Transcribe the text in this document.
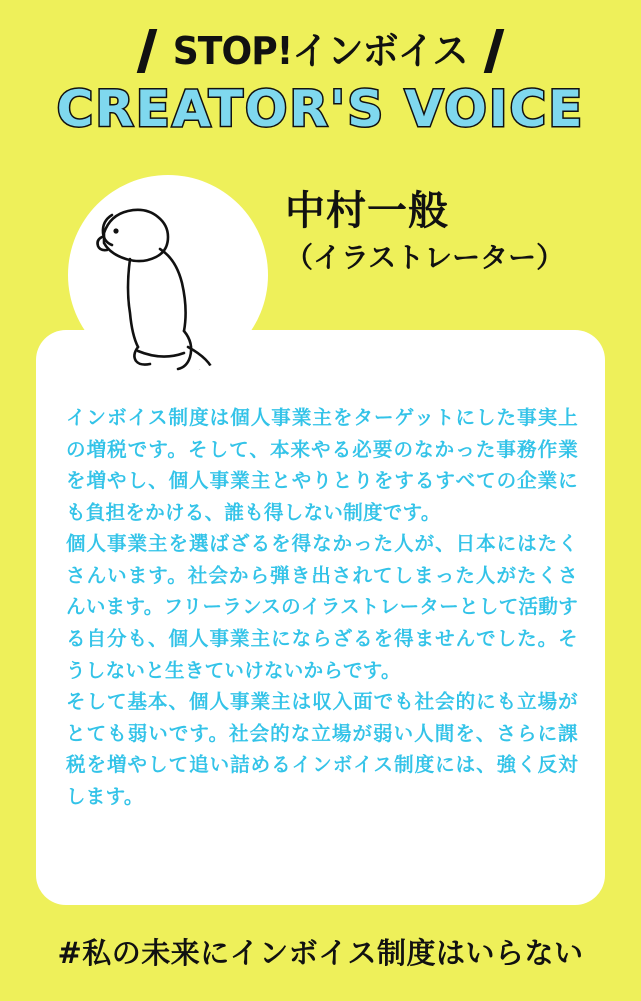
STOP!インボイス
CREATOR'S VOICE

インボイス制度は個人事業主をターゲットにした事実上の増税です。そして、本来やる必要のなかった事務作業を増やし、個人事業主とやりとりをするすべての企業にも負担をかける、誰も得しない制度です。

個人事業主を選ばざるを得なかった人が、日本にはたくさんいます。社会から弾き出されてしまった人がたくさんいます。フリーランスのイラストレーターとして活動する自分も、個人事業主にならざるを得ませんでした。そうしないと生きていけないからです。

そして基本、個人事業主は収入面でも社会的にも立場がとても弱いです。社会的な立場が弱い人間を、さらに課税を増やして追い詰めるインボイス制度には、強く反対します。

中村一般
（イラストレーター）
#私の未来にインボイス制度はいらない
